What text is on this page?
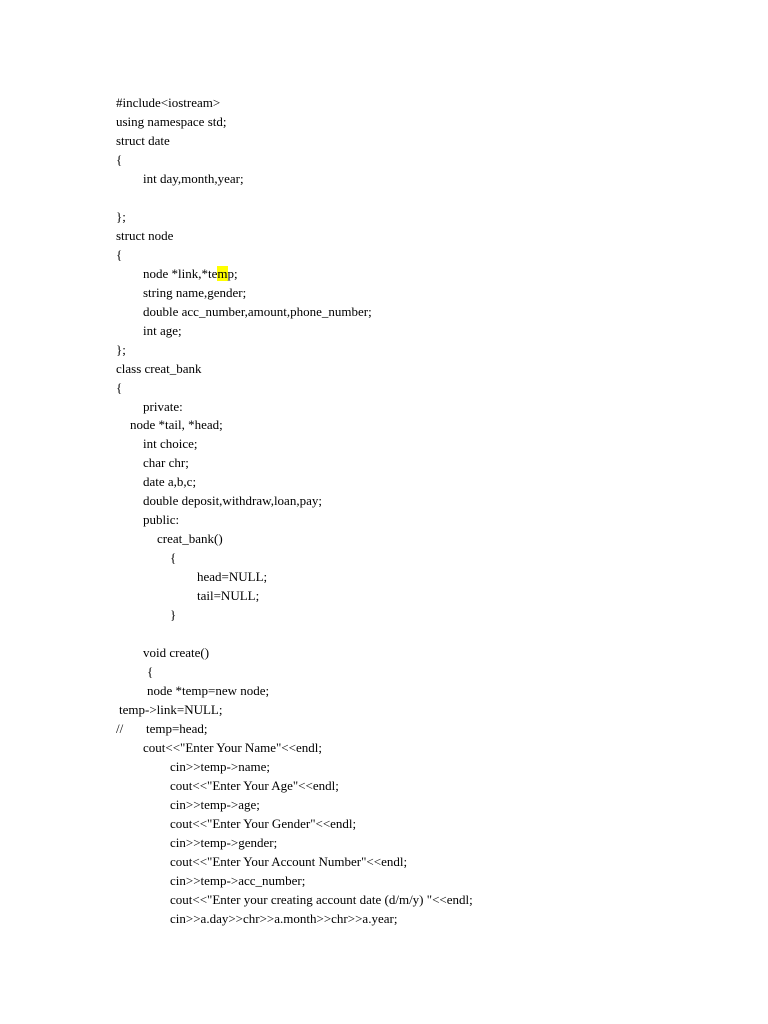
#include<iostream>
using namespace std;
struct date
{
int day,month,year;
};
struct node
{
node *link,*temp;
string name,gender;
double acc_number,amount,phone_number;
int age;
};
class creat_bank
{
private:
node *tail, *head;
int choice;
char chr;
date a,b,c;
double deposit,withdraw,loan,pay;
public:
creat_bank()
{
head=NULL;
tail=NULL;
}
void create()
{
node *temp=new node;
temp->link=NULL;
//       temp=head;
cout<<"Enter Your Name"<<endl;
cin>>temp->name;
cout<<"Enter Your Age"<<endl;
cin>>temp->age;
cout<<"Enter Your Gender"<<endl;
cin>>temp->gender;
cout<<"Enter Your Account Number"<<endl;
cin>>temp->acc_number;
cout<<"Enter your creating account date (d/m/y) "<<endl;
cin>>a.day>>chr>>a.month>>chr>>a.year;
